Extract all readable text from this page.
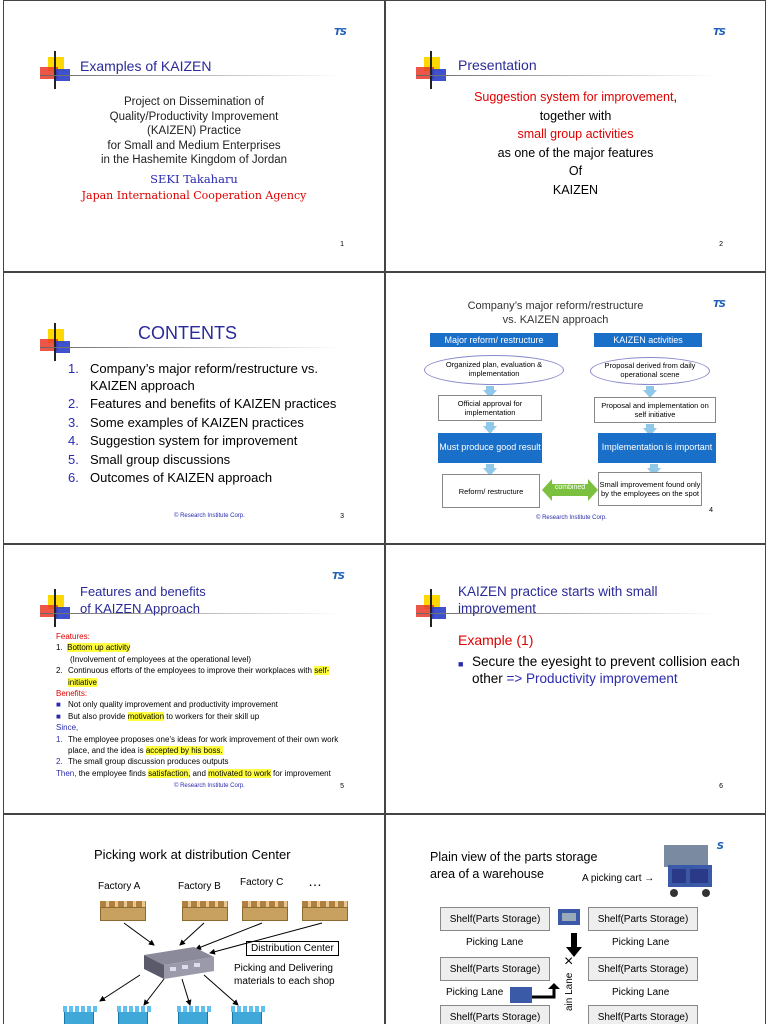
TS
Examples of KAIZEN
Project on Dissemination of
Quality/Productivity Improvement
(KAIZEN) Practice
for Small and Medium Enterprises
in the Hashemite Kingdom of Jordan
SEKI Takaharu
Japan International Cooperation Agency
1
TS
Presentation
Suggestion system for improvement,
together with
small group activities
as one of the major features
Of
KAIZEN
2
CONTENTS
1. Company’s major reform/restructure vs. KAIZEN approach
2. Features and benefits of KAIZEN practices
3. Some examples of KAIZEN practices
4. Suggestion system for improvement
5. Small group discussions
6. Outcomes of KAIZEN approach
© Research Institute Corp.	3
TS
Company’s major reform/restructure
vs. KAIZEN approach
Major reform/ restructure	KAIZEN activities
Organized plan, evaluation & implementation
Proposal derived from daily operational scene
Official approval for implementation
Proposal and implementation on self initiative
Must produce good result	Implementation is important
Reform/ restructure
Small improvement found only by the employees on the spot
combined
© Research Institute Corp.
4
TS
Features and benefits
of KAIZEN Approach
Features:
1. Bottom up activity
(Involvement of employees at the operational level)
2. Continuous efforts of the employees to improve their workplaces with self-initiative
Benefits:
■ Not only quality improvement and productivity improvement
■ But also provide motivation to workers for their skill up
Since,
1. The employee proposes one’s ideas for work improvement of their own work place, and the idea is accepted by his boss.
2. The small group discussion produces outputs
Then, the employee finds satisfaction, and motivated to work for improvement
© Research Institute Corp.	5
KAIZEN practice starts with small
improvement
Example (1)
■ Secure the eyesight to prevent collision each other => Productivity improvement
6
Picking work at distribution Center
Factory A	Factory B Factory C …
Distribution Center
Picking and Delivering
materials to each shop
S
Plain view of the parts storage
area of a warehouse	A picking cart →
Shelf(Parts Storage)	Shelf(Parts Storage)
Picking Lane	Picking Lane
Shelf(Parts Storage)	Shelf(Parts Storage)
Picking Lane	Picking Lane
Shelf(Parts Storage)	Shelf(Parts Storage)
×
ain Lane
